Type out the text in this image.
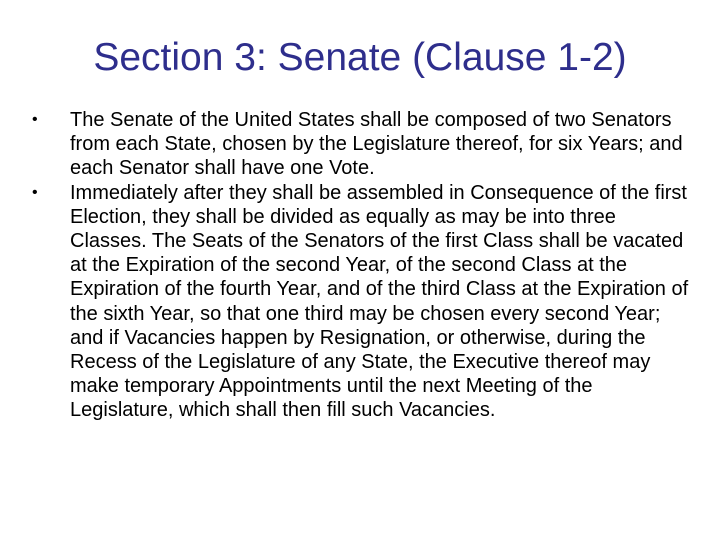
Section 3: Senate (Clause 1-2)
• The Senate of the United States shall be composed of two Senators from each State, chosen by the Legislature thereof, for six Years; and each Senator shall have one Vote.
• Immediately after they shall be assembled in Consequence of the first Election, they shall be divided as equally as may be into three Classes. The Seats of the Senators of the first Class shall be vacated at the Expiration of the second Year, of the second Class at the Expiration of the fourth Year, and of the third Class at the Expiration of the sixth Year, so that one third may be chosen every second Year; and if Vacancies happen by Resignation, or otherwise, during the Recess of the Legislature of any State, the Executive thereof may make temporary Appointments until the next Meeting of the Legislature, which shall then fill such Vacancies.
